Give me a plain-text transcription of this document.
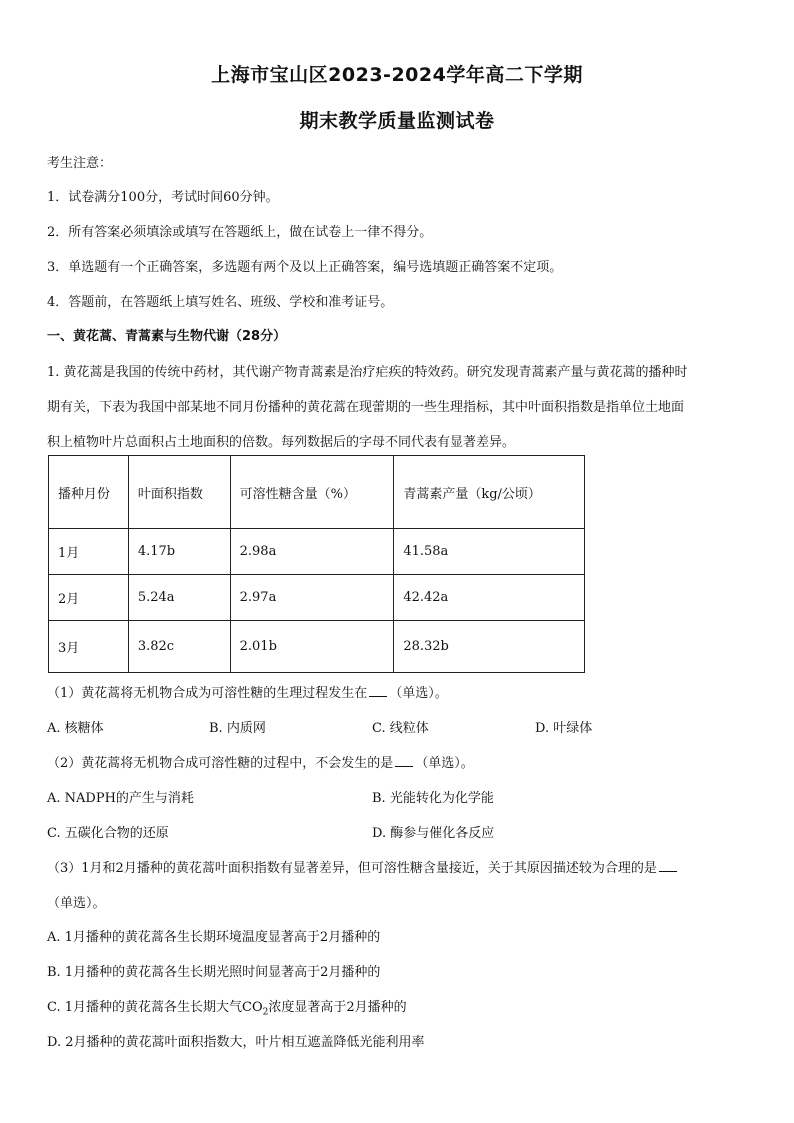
上海市宝山区2023-2024学年高二下学期
期末教学质量监测试卷
考生注意：
1．试卷满分100分，考试时间60分钟。
2．所有答案必须填涂或填写在答题纸上，做在试卷上一律不得分。
3．单选题有一个正确答案，多选题有两个及以上正确答案，编号选填题正确答案不定项。
4．答题前，在答题纸上填写姓名、班级、学校和准考证号。
一、黄花蒿、青蒿素与生物代谢（28分）
1. 黄花蒿是我国的传统中药材，其代谢产物青蒿素是治疗疟疾的特效药。研究发现青蒿素产量与黄花蒿的播种时
期有关，下表为我国中部某地不同月份播种的黄花蒿在现蕾期的一些生理指标，其中叶面积指数是指单位土地面
积上植物叶片总面积占土地面积的倍数。每列数据后的字母不同代表有显著差异。
播种月份	叶面积指数	可溶性糖含量（%）	青蒿素产量（kg/公顷）
1月	4.17b	2.98a	41.58a
2月	5.24a	2.97a	42.42a
3月	3.82c	2.01b	28.32b
（1）黄花蒿将无机物合成为可溶性糖的生理过程发生在 （单选）。
A. 核糖体	B. 内质网	C. 线粒体	D. 叶绿体
（2）黄花蒿将无机物合成可溶性糖的过程中，不会发生的是 （单选）。
A. NADPH的产生与消耗	B. 光能转化为化学能
C. 五碳化合物的还原	D. 酶参与催化各反应
（3）1月和2月播种的黄花蒿叶面积指数有显著差异，但可溶性糖含量接近，关于其原因描述较为合理的是
（单选）。
A. 1月播种的黄花蒿各生长期环境温度显著高于2月播种的
B. 1月播种的黄花蒿各生长期光照时间显著高于2月播种的
C. 1月播种的黄花蒿各生长期大气$CO_2$浓度显著高于2月播种的
D. 2月播种的黄花蒿叶面积指数大，叶片相互遮盖降低光能利用率
